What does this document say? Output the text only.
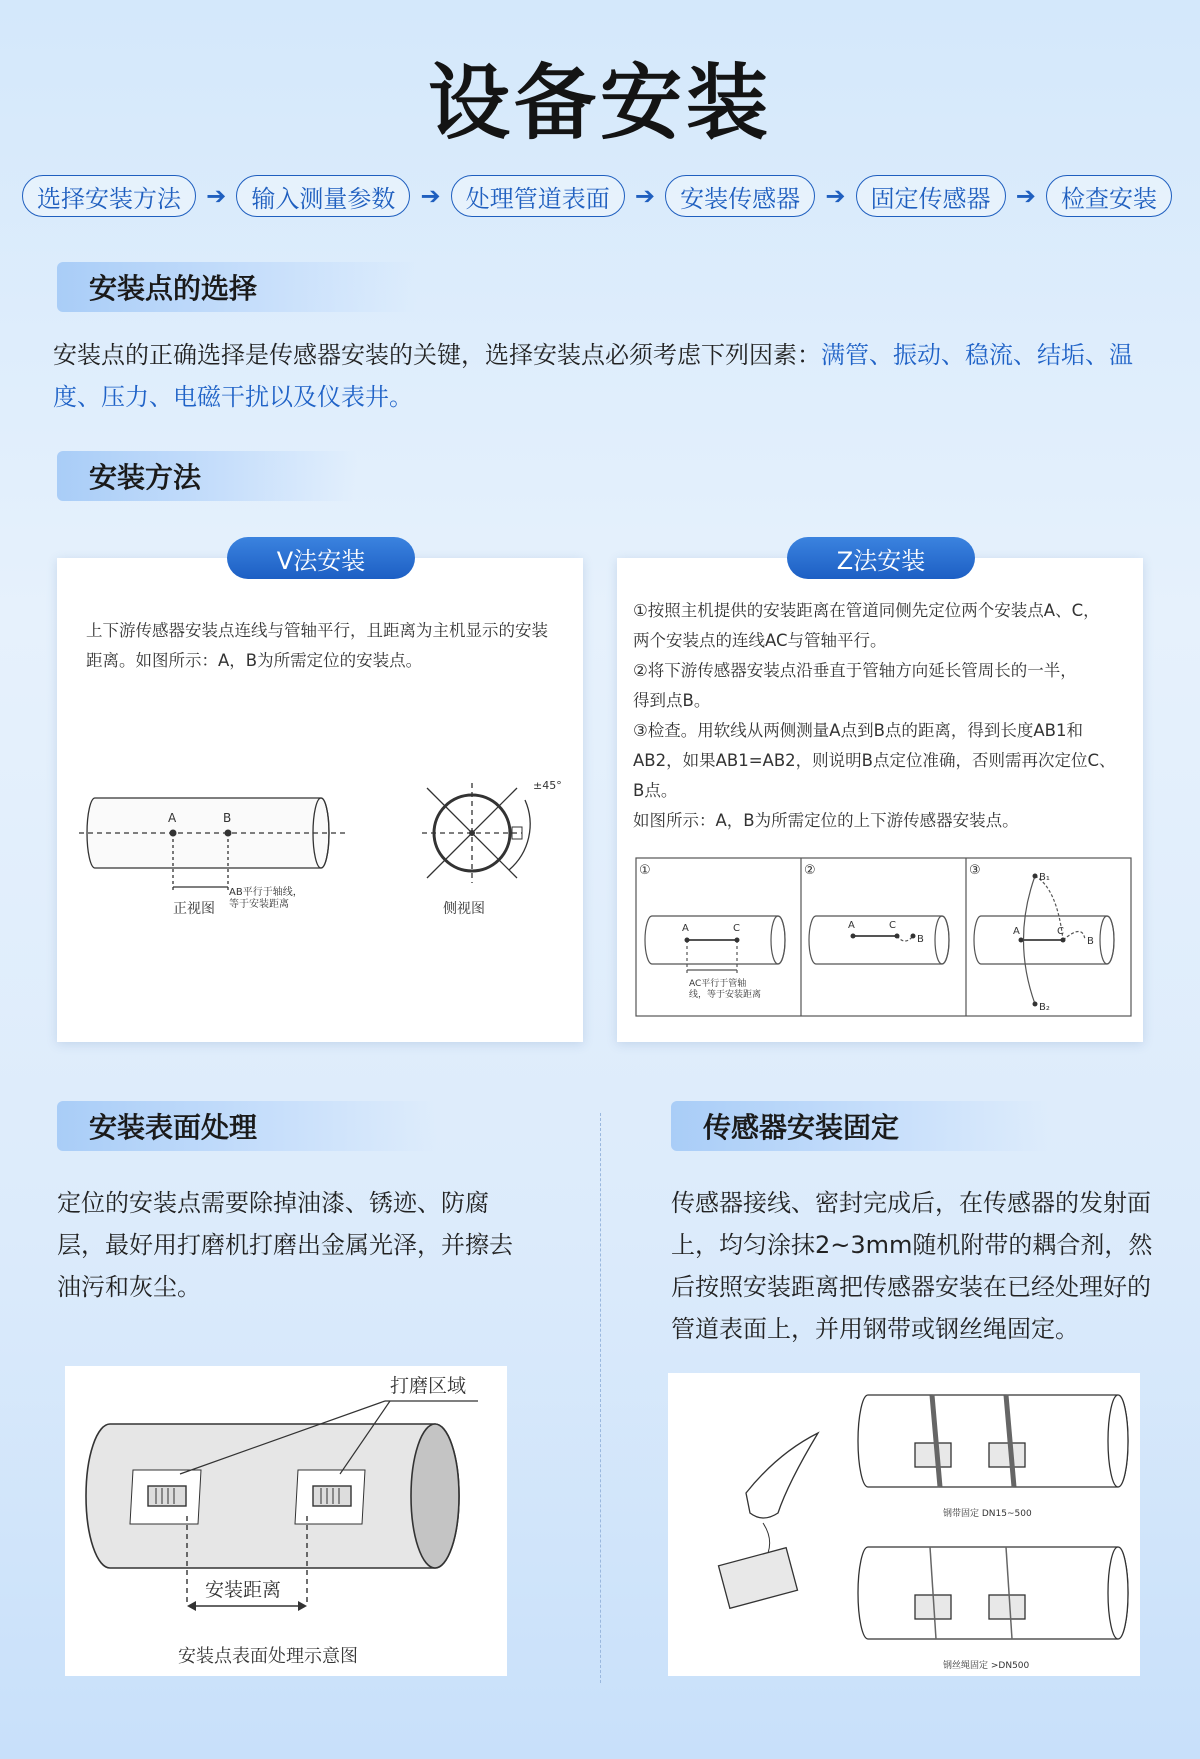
设备安装
选择安装方法	➔	输入测量参数	➔	处理管道表面	➔	安装传感器	➔	固定传感器	➔	检查安装
安装点的选择
安装点的正确选择是传感器安装的关键，选择安装点必须考虑下列因素：满管、振动、稳流、结垢、温度、压力、电磁干扰以及仪表井。
安装方法
上下游传感器安装点连线与管轴平行，且距离为主机显示的安装距离。如图所示：A，B为所需定位的安装点。
A	B
AB平行于轴线，
等于安装距离
正视图	侧视图
±45°
V法安装
①按照主机提供的安装距离在管道同侧先定位两个安装点A、C，
两个安装点的连线AC与管轴平行。
②将下游传感器安装点沿垂直于管轴方向延长管周长的一半，
得到点B。
③检查。用软线从两侧测量A点到B点的距离，得到长度AB1和
AB2，如果AB1=AB2，则说明B点定位准确，否则需再次定位C、
B点。
如图所示：A，B为所需定位的上下游传感器安装点。
①	②	③
A	C
AC平行于管轴
线，等于安装距离
A	C
B
A	C
B
B₁
B₂
Z法安装
安装表面处理
定位的安装点需要除掉油漆、锈迹、防腐层，最好用打磨机打磨出金属光泽，并擦去油污和灰尘。
打磨区域
安装距离
安装点表面处理示意图
传感器安装固定
传感器接线、密封完成后，在传感器的发射面上，均匀涂抹2~3mm随机附带的耦合剂，然后按照安装距离把传感器安装在已经处理好的管道表面上，并用钢带或钢丝绳固定。
钢带固定 DN15~500
钢丝绳固定 >DN500
